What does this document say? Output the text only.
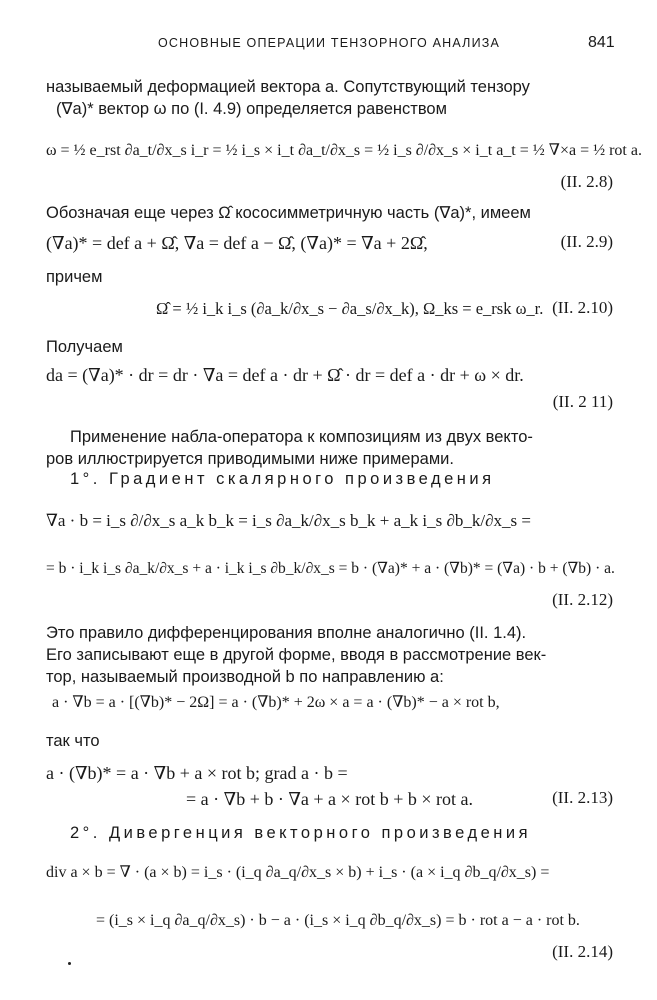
ОСНОВНЫЕ ОПЕРАЦИИ ТЕНЗОРНОГО АНАЛИЗА	841
называемый деформацией вектора a. Сопутствующий тензору
(∇a)* вектор ω по (I. 4.9) определяется равенством
ω = ½ e_rst ∂a_t/∂x_s i_r = ½ i_s × i_t ∂a_t/∂x_s = ½ i_s ∂/∂x_s × i_t a_t = ½ ∇×a = ½ rot a.
(II. 2.8)
Обозначая еще через Ω̂ кососимметричную часть (∇a)*, имеем
(∇a)* = def a + Ω̂, ∇a = def a − Ω̂, (∇a)* = ∇a + 2Ω̂,	(II. 2.9)
причем
Ω̂ = ½ i_k i_s (∂a_k/∂x_s − ∂a_s/∂x_k), Ω_ks = e_rsk ω_r. (II. 2.10)
Получаем
da = (∇a)* · dr = dr · ∇a = def a · dr + Ω̂ · dr = def a · dr + ω × dr.
(II. 2 11)
Применение набла-оператора к композициям из двух векто-
ров иллюстрируется приводимыми ниже примерами.
1°. Градиент скалярного произведения
∇a · b = i_s ∂/∂x_s a_k b_k = i_s ∂a_k/∂x_s b_k + a_k i_s ∂b_k/∂x_s =
= b · i_k i_s ∂a_k/∂x_s + a · i_k i_s ∂b_k/∂x_s = b · (∇a)* + a · (∇b)* = (∇a) · b + (∇b) · a.
(II. 2.12)
Это правило дифференцирования вполне аналогично (II. 1.4).
Его записывают еще в другой форме, вводя в рассмотрение век-
тор, называемый производной b по направлению a:
a · ∇b = a · [(∇b)* − 2Ω] = a · (∇b)* + 2ω × a = a · (∇b)* − a × rot b,
так что
a · (∇b)* = a · ∇b + a × rot b; grad a · b =
= a · ∇b + b · ∇a + a × rot b + b × rot a.	(II. 2.13)
2°. Дивергенция векторного произведения
div a × b = ∇ · (a × b) = i_s · (i_q ∂a_q/∂x_s × b) + i_s · (a × i_q ∂b_q/∂x_s) =
= (i_s × i_q ∂a_q/∂x_s) · b − a · (i_s × i_q ∂b_q/∂x_s) = b · rot a − a · rot b.
(II. 2.14)
